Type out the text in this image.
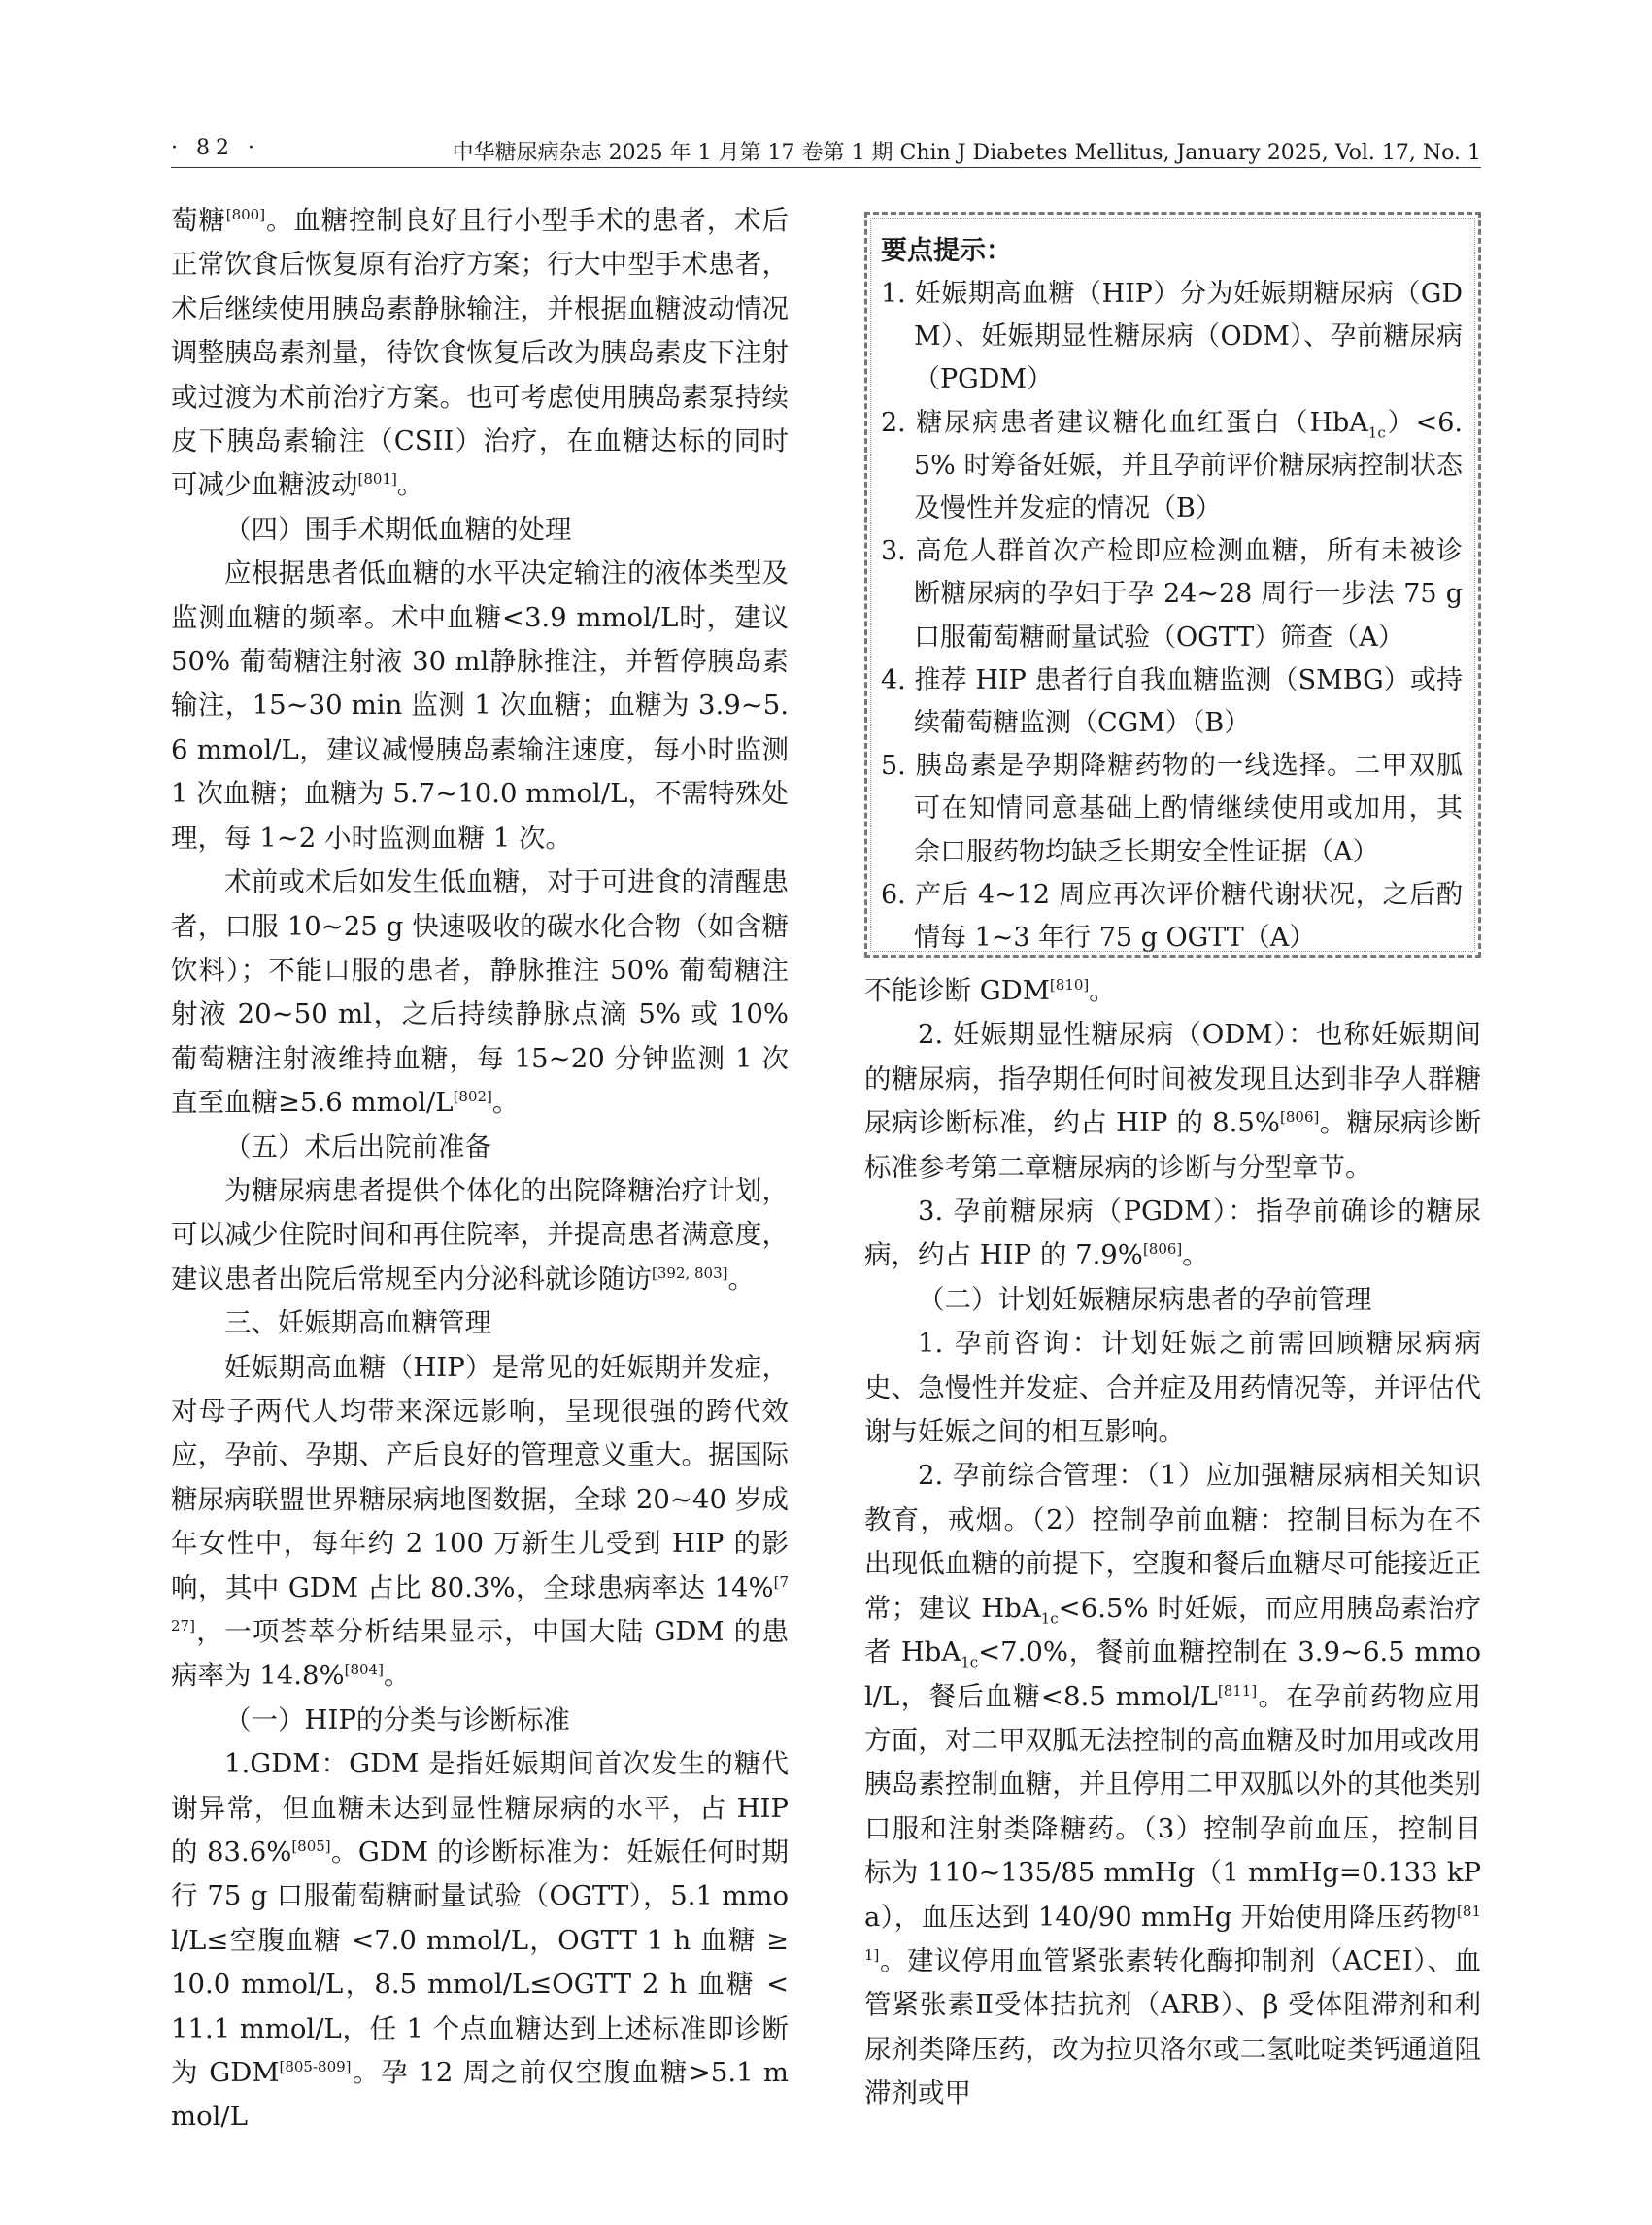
· 82 ·	中华糖尿病杂志 2025 年 1 月第 17 卷第 1 期 Chin J Diabetes Mellitus, January 2025, Vol. 17, No. 1

萄糖[800]。血糖控制良好且行小型手术的患者，术后正常饮食后恢复原有治疗方案；行大中型手术患者，术后继续使用胰岛素静脉输注，并根据血糖波动情况调整胰岛素剂量，待饮食恢复后改为胰岛素皮下注射或过渡为术前治疗方案。也可考虑使用胰岛素泵持续皮下胰岛素输注（CSII）治疗，在血糖达标的同时可减少血糖波动[801]。

（四）围手术期低血糖的处理

应根据患者低血糖的水平决定输注的液体类型及监测血糖的频率。术中血糖<3.9 mmol/L时，建议 50% 葡萄糖注射液 30 ml静脉推注，并暂停胰岛素输注，15~30 min 监测 1 次血糖；血糖为 3.9~5.6 mmol/L，建议减慢胰岛素输注速度，每小时监测 1 次血糖；血糖为 5.7~10.0 mmol/L，不需特殊处理，每 1~2 小时监测血糖 1 次。

术前或术后如发生低血糖，对于可进食的清醒患者，口服 10~25 g 快速吸收的碳水化合物（如含糖饮料）；不能口服的患者，静脉推注 50% 葡萄糖注射液 20~50 ml，之后持续静脉点滴 5% 或 10% 葡萄糖注射液维持血糖，每 15~20 分钟监测 1 次直至血糖≥5.6 mmol/L[802]。

（五）术后出院前准备

为糖尿病患者提供个体化的出院降糖治疗计划，可以减少住院时间和再住院率，并提高患者满意度，建议患者出院后常规至内分泌科就诊随访[392, 803]。

三、妊娠期高血糖管理

妊娠期高血糖（HIP）是常见的妊娠期并发症，对母子两代人均带来深远影响，呈现很强的跨代效应，孕前、孕期、产后良好的管理意义重大。据国际糖尿病联盟世界糖尿病地图数据，全球 20~40 岁成年女性中，每年约 2 100 万新生儿受到 HIP 的影响，其中 GDM 占比 80.3%，全球患病率达 14%[727]，一项荟萃分析结果显示，中国大陆 GDM 的患病率为 14.8%[804]。

（一）HIP的分类与诊断标准

1.GDM：GDM 是指妊娠期间首次发生的糖代谢异常，但血糖未达到显性糖尿病的水平，占 HIP 的 83.6%[805]。GDM 的诊断标准为：妊娠任何时期行 75 g 口服葡萄糖耐量试验（OGTT），5.1 mmol/L≤空腹血糖 <7.0 mmol/L，OGTT 1 h 血糖 ≥ 10.0 mmol/L，8.5 mmol/L≤OGTT 2 h 血糖 < 11.1 mmol/L，任 1 个点血糖达到上述标准即诊断为 GDM[805-809]。孕 12 周之前仅空腹血糖>5.1 mmol/L

要点提示：
1. 妊娠期高血糖（HIP）分为妊娠期糖尿病（GDM）、妊娠期显性糖尿病（ODM）、孕前糖尿病（PGDM）
2. 糖尿病患者建议糖化血红蛋白（HbA$_{1c}$）<6.5% 时筹备妊娠，并且孕前评价糖尿病控制状态及慢性并发症的情况（B）
3. 高危人群首次产检即应检测血糖，所有未被诊断糖尿病的孕妇于孕 24~28 周行一步法 75 g 口服葡萄糖耐量试验（OGTT）筛查（A）
4. 推荐 HIP 患者行自我血糖监测（SMBG）或持续葡萄糖监测（CGM）（B）
5. 胰岛素是孕期降糖药物的一线选择。二甲双胍可在知情同意基础上酌情继续使用或加用，其余口服药物均缺乏长期安全性证据（A）
6. 产后 4~12 周应再次评价糖代谢状况，之后酌情每 1~3 年行 75 g OGTT（A）

不能诊断 GDM[810]。

2. 妊娠期显性糖尿病（ODM）：也称妊娠期间的糖尿病，指孕期任何时间被发现且达到非孕人群糖尿病诊断标准，约占 HIP 的 8.5%[806]。糖尿病诊断标准参考第二章糖尿病的诊断与分型章节。

3. 孕前糖尿病（PGDM）：指孕前确诊的糖尿病，约占 HIP 的 7.9%[806]。

（二）计划妊娠糖尿病患者的孕前管理

1. 孕前咨询：计划妊娠之前需回顾糖尿病病史、急慢性并发症、合并症及用药情况等，并评估代谢与妊娠之间的相互影响。

2. 孕前综合管理：（1）应加强糖尿病相关知识教育，戒烟。（2）控制孕前血糖：控制目标为在不出现低血糖的前提下，空腹和餐后血糖尽可能接近正常；建议 HbA$_{1c}$<6.5% 时妊娠，而应用胰岛素治疗者 HbA$_{1c}$<7.0%，餐前血糖控制在 3.9~6.5 mmol/L，餐后血糖<8.5 mmol/L[811]。在孕前药物应用方面，对二甲双胍无法控制的高血糖及时加用或改用胰岛素控制血糖，并且停用二甲双胍以外的其他类别口服和注射类降糖药。（3）控制孕前血压，控制目标为 110~135/85 mmHg（1 mmHg=0.133 kPa），血压达到 140/90 mmHg 开始使用降压药物[811]。建议停用血管紧张素转化酶抑制剂（ACEI）、血管紧张素Ⅱ受体拮抗剂（ARB）、β 受体阻滞剂和利尿剂类降压药，改为拉贝洛尔或二氢吡啶类钙通道阻滞剂或甲
